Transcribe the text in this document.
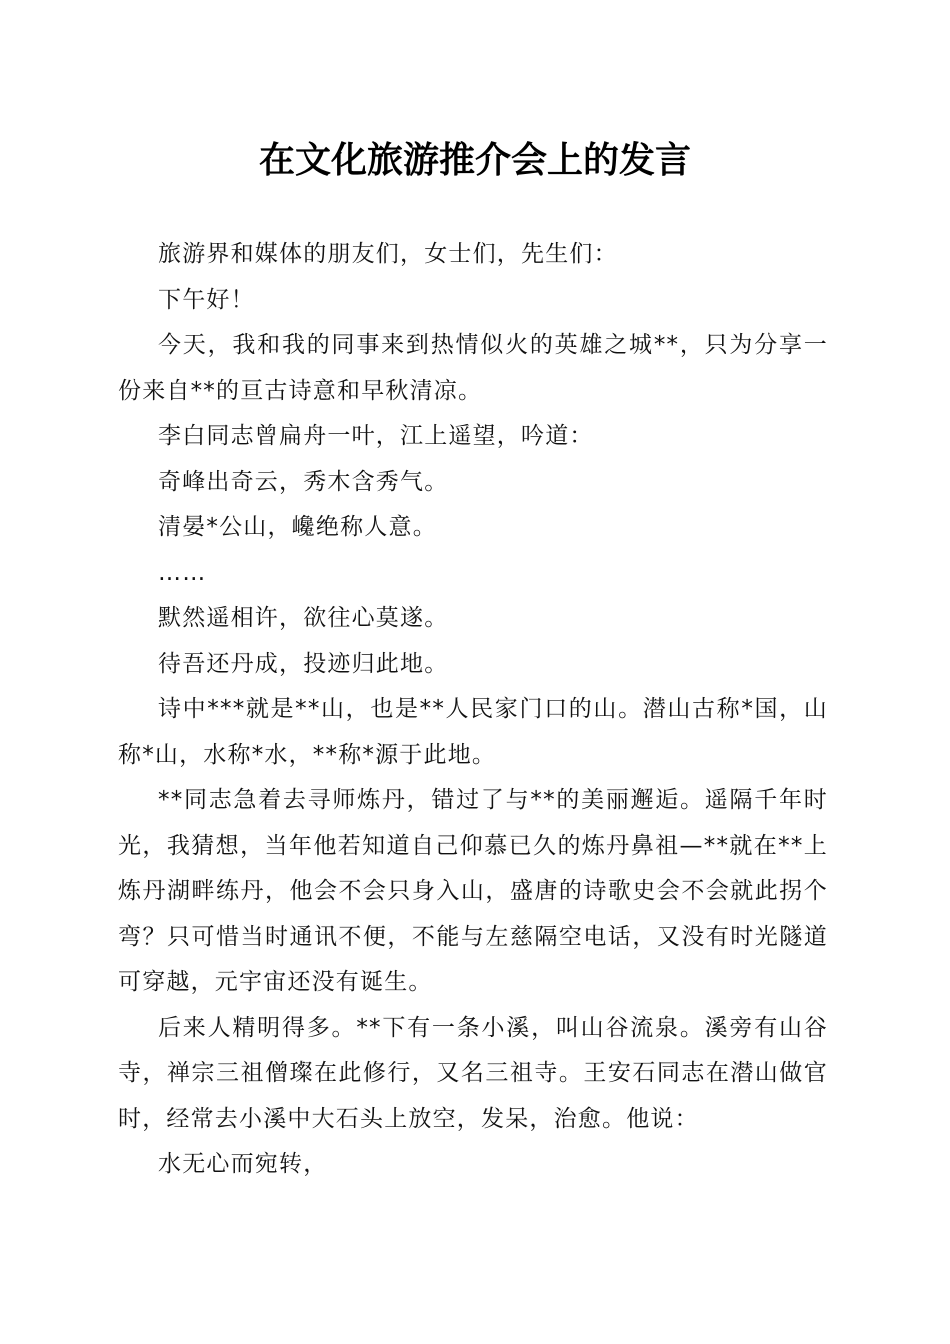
在文化旅游推介会上的发言

旅游界和媒体的朋友们，女士们，先生们：

下午好！

今天，我和我的同事来到热情似火的英雄之城**，只为分享一份来自**的亘古诗意和早秋清凉。

李白同志曾扁舟一叶，江上遥望，吟道：

奇峰出奇云，秀木含秀气。

清晏*公山，巉绝称人意。

……

默然遥相许，欲往心莫遂。

待吾还丹成，投迹归此地。

诗中***就是**山，也是**人民家门口的山。潜山古称*国，山称*山，水称*水，**称*源于此地。

**同志急着去寻师炼丹，错过了与**的美丽邂逅。遥隔千年时光，我猜想，当年他若知道自己仰慕已久的炼丹鼻祖—**就在**上炼丹湖畔练丹，他会不会只身入山，盛唐的诗歌史会不会就此拐个弯？只可惜当时通讯不便，不能与左慈隔空电话，又没有时光隧道可穿越，元宇宙还没有诞生。

后来人精明得多。**下有一条小溪，叫山谷流泉。溪旁有山谷寺，禅宗三祖僧璨在此修行，又名三祖寺。王安石同志在潜山做官时，经常去小溪中大石头上放空，发呆，治愈。他说：

水无心而宛转，
